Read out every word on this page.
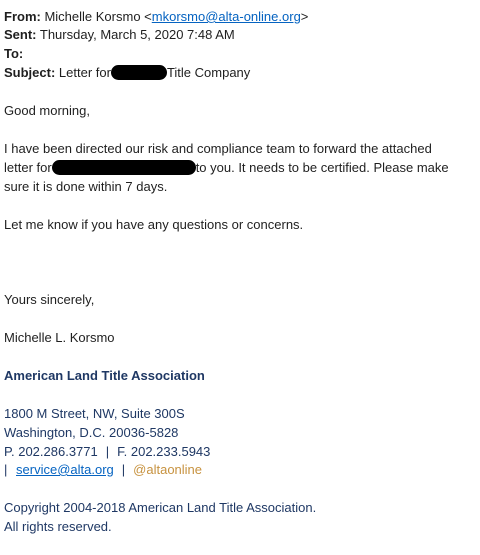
From: Michelle Korsmo <mkorsmo@alta-online.org>
Sent: Thursday, March 5, 2020 7:48 AM
To:
Subject: Letter for	Title Company
Good morning,
I have been directed our risk and compliance team to forward the attached
letter for	to you. It needs to be certified. Please make
sure it is done within 7 days.
Let me know if you have any questions or concerns.
Yours sincerely,
Michelle L. Korsmo
American Land Title Association
1800 M Street, NW, Suite 300S
Washington, D.C. 20036-5828
P. 202.286.3771 | F. 202.233.5943
| service@alta.org | @altaonline
Copyright 2004-2018 American Land Title Association.
All rights reserved.
